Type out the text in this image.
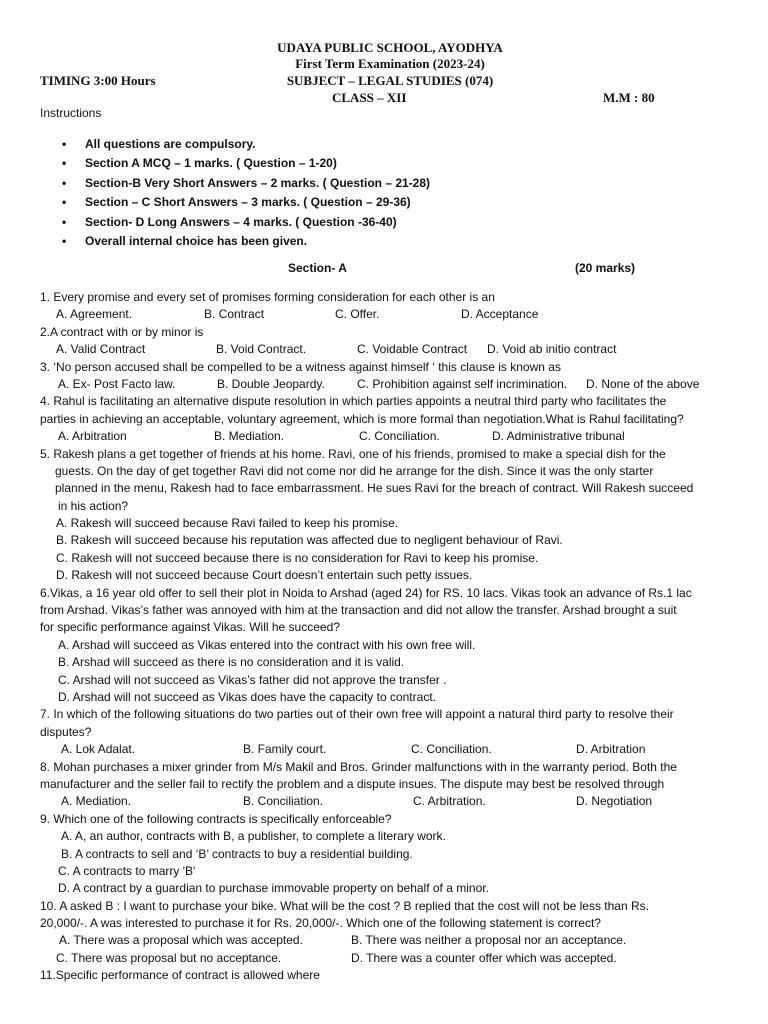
UDAYA PUBLIC SCHOOL, AYODHYA
First Term Examination (2023-24)
TIMING 3:00 Hours	SUBJECT – LEGAL STUDIES (074)
CLASS – XII	M.M : 80
Instructions
• All questions are compulsory.
• Section A MCQ – 1 marks. ( Question – 1-20)
• Section-B Very Short Answers – 2 marks. ( Question – 21-28)
• Section – C Short Answers – 3 marks. ( Question – 29-36)
• Section- D Long Answers – 4 marks. ( Question -36-40)
• Overall internal choice has been given.
Section- A	(20 marks)
1. Every promise and every set of promises forming consideration for each other is an
A. Agreement.	B. Contract	C. Offer.	D. Acceptance
2.A contract with or by minor is
A. Valid Contract	B. Void Contract.	C. Voidable Contract D. Void ab initio contract
3. ‘No person accused shall be compelled to be a witness against himself ‘ this clause is known as
A. Ex- Post Facto law.	B. Double Jeopardy.	C. Prohibition against self incrimination. D. None of the above
4. Rahul is facilitating an alternative dispute resolution in which parties appoints a neutral third party who facilitates the
parties in achieving an acceptable, voluntary agreement, which is more formal than negotiation.What is Rahul facilitating?
A. Arbitration	B. Mediation.	C. Conciliation.	D. Administrative tribunal
5. Rakesh plans a get together of friends at his home. Ravi, one of his friends, promised to make a special dish for the
guests. On the day of get together Ravi did not come nor did he arrange for the dish. Since it was the only starter
planned in the menu, Rakesh had to face embarrassment. He sues Ravi for the breach of contract. Will Rakesh succeed
in his action?
A. Rakesh will succeed because Ravi failed to keep his promise.
B. Rakesh will succeed because his reputation was affected due to negligent behaviour of Ravi.
C. Rakesh will not succeed because there is no consideration for Ravi to keep his promise.
D. Rakesh will not succeed because Court doesn’t entertain such petty issues.
6.Vikas, a 16 year old offer to sell their plot in Noida to Arshad (aged 24) for RS. 10 lacs. Vikas took an advance of Rs.1 lac
from Arshad. Vikas’s father was annoyed with him at the transaction and did not allow the transfer. Arshad brought a suit
for specific performance against Vikas. Will he succeed?
A. Arshad will succeed as Vikas entered into the contract with his own free will.
B. Arshad will succeed as there is no consideration and it is valid.
C. Arshad will not succeed as Vikas’s father did not approve the transfer .
D. Arshad will not succeed as Vikas does have the capacity to contract.
7. In which of the following situations do two parties out of their own free will appoint a natural third party to resolve their
disputes?
A. Lok Adalat.	B. Family court.	C. Conciliation.	D. Arbitration
8. Mohan purchases a mixer grinder from M/s Makil and Bros. Grinder malfunctions with in the warranty period. Both the
manufacturer and the seller fail to rectify the problem and a dispute insues. The dispute may best be resolved through
A. Mediation.	B. Conciliation.	C. Arbitration.	D. Negotiation
9. Which one of the following contracts is specifically enforceable?
A. A, an author, contracts with B, a publisher, to complete a literary work.
B. A contracts to sell and ‘B’ contracts to buy a residential building.
C. A contracts to marry 'B'
D. A contract by a guardian to purchase immovable property on behalf of a minor.
10. A asked B : I want to purchase your bike. What will be the cost ? B replied that the cost will not be less than Rs.
20,000/-. A was interested to purchase it for Rs. 20,000/-. Which one of the following statement is correct?
A. There was a proposal which was accepted.	B. There was neither a proposal nor an acceptance.
C. There was proposal but no acceptance.	D. There was a counter offer which was accepted.
11.Specific performance of contract is allowed where
